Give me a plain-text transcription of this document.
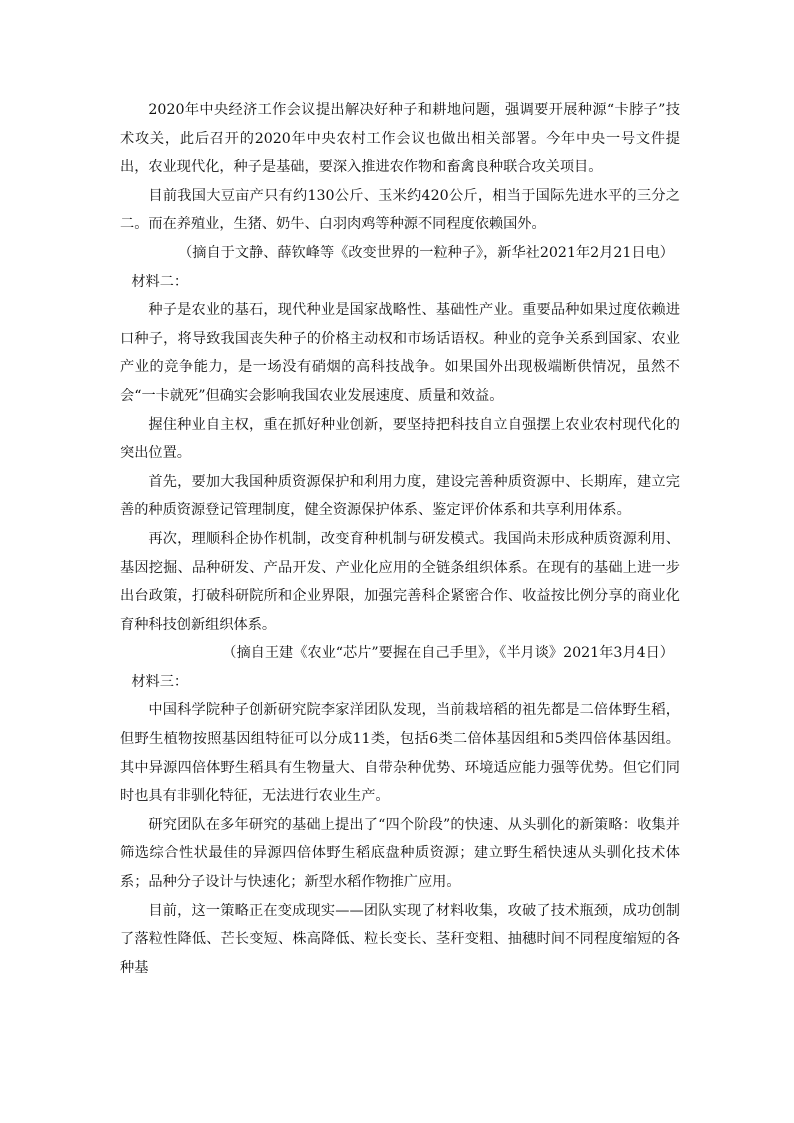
2020年中央经济工作会议提出解决好种子和耕地问题，强调要开展种源“卡脖子”技术攻关，此后召开的2020年中央农村工作会议也做出相关部署。今年中央一号文件提出，农业现代化，种子是基础，要深入推进农作物和畜禽良种联合攻关项目。

目前我国大豆亩产只有约130公斤、玉米约420公斤，相当于国际先进水平的三分之二。而在养殖业，生猪、奶牛、白羽肉鸡等种源不同程度依赖国外。

（摘自于文静、薛钦峰等《改变世界的一粒种子》，新华社2021年2月21日电）

材料二：

种子是农业的基石，现代种业是国家战略性、基础性产业。重要品种如果过度依赖进口种子，将导致我国丧失种子的价格主动权和市场话语权。种业的竞争关系到国家、农业产业的竞争能力，是一场没有硝烟的高科技战争。如果国外出现极端断供情况，虽然不会“一卡就死”但确实会影响我国农业发展速度、质量和效益。

握住种业自主权，重在抓好种业创新，要坚持把科技自立自强摆上农业农村现代化的突出位置。

首先，要加大我国种质资源保护和利用力度，建设完善种质资源中、长期库，建立完善的种质资源登记管理制度，健全资源保护体系、鉴定评价体系和共享利用体系。

再次，理顺科企协作机制，改变育种机制与研发模式。我国尚未形成种质资源利用、基因挖掘、品种研发、产品开发、产业化应用的全链条组织体系。在现有的基础上进一步出台政策，打破科研院所和企业界限，加强完善科企紧密合作、收益按比例分享的商业化育种科技创新组织体系。

（摘自王建《农业“芯片”要握在自己手里》，《半月谈》2021年3月4日）

材料三：

中国科学院种子创新研究院李家洋团队发现，当前栽培稻的祖先都是二倍体野生稻，但野生植物按照基因组特征可以分成11类，包括6类二倍体基因组和5类四倍体基因组。其中异源四倍体野生稻具有生物量大、自带杂种优势、环境适应能力强等优势。但它们同时也具有非驯化特征，无法进行农业生产。

研究团队在多年研究的基础上提出了“四个阶段”的快速、从头驯化的新策略：收集并筛选综合性状最佳的异源四倍体野生稻底盘种质资源；建立野生稻快速从头驯化技术体系；品种分子设计与快速化；新型水稻作物推广应用。

目前，这一策略正在变成现实——团队实现了材料收集，攻破了技术瓶颈，成功创制了落粒性降低、芒长变短、株高降低、粒长变长、茎秆变粗、抽穗时间不同程度缩短的各种基
